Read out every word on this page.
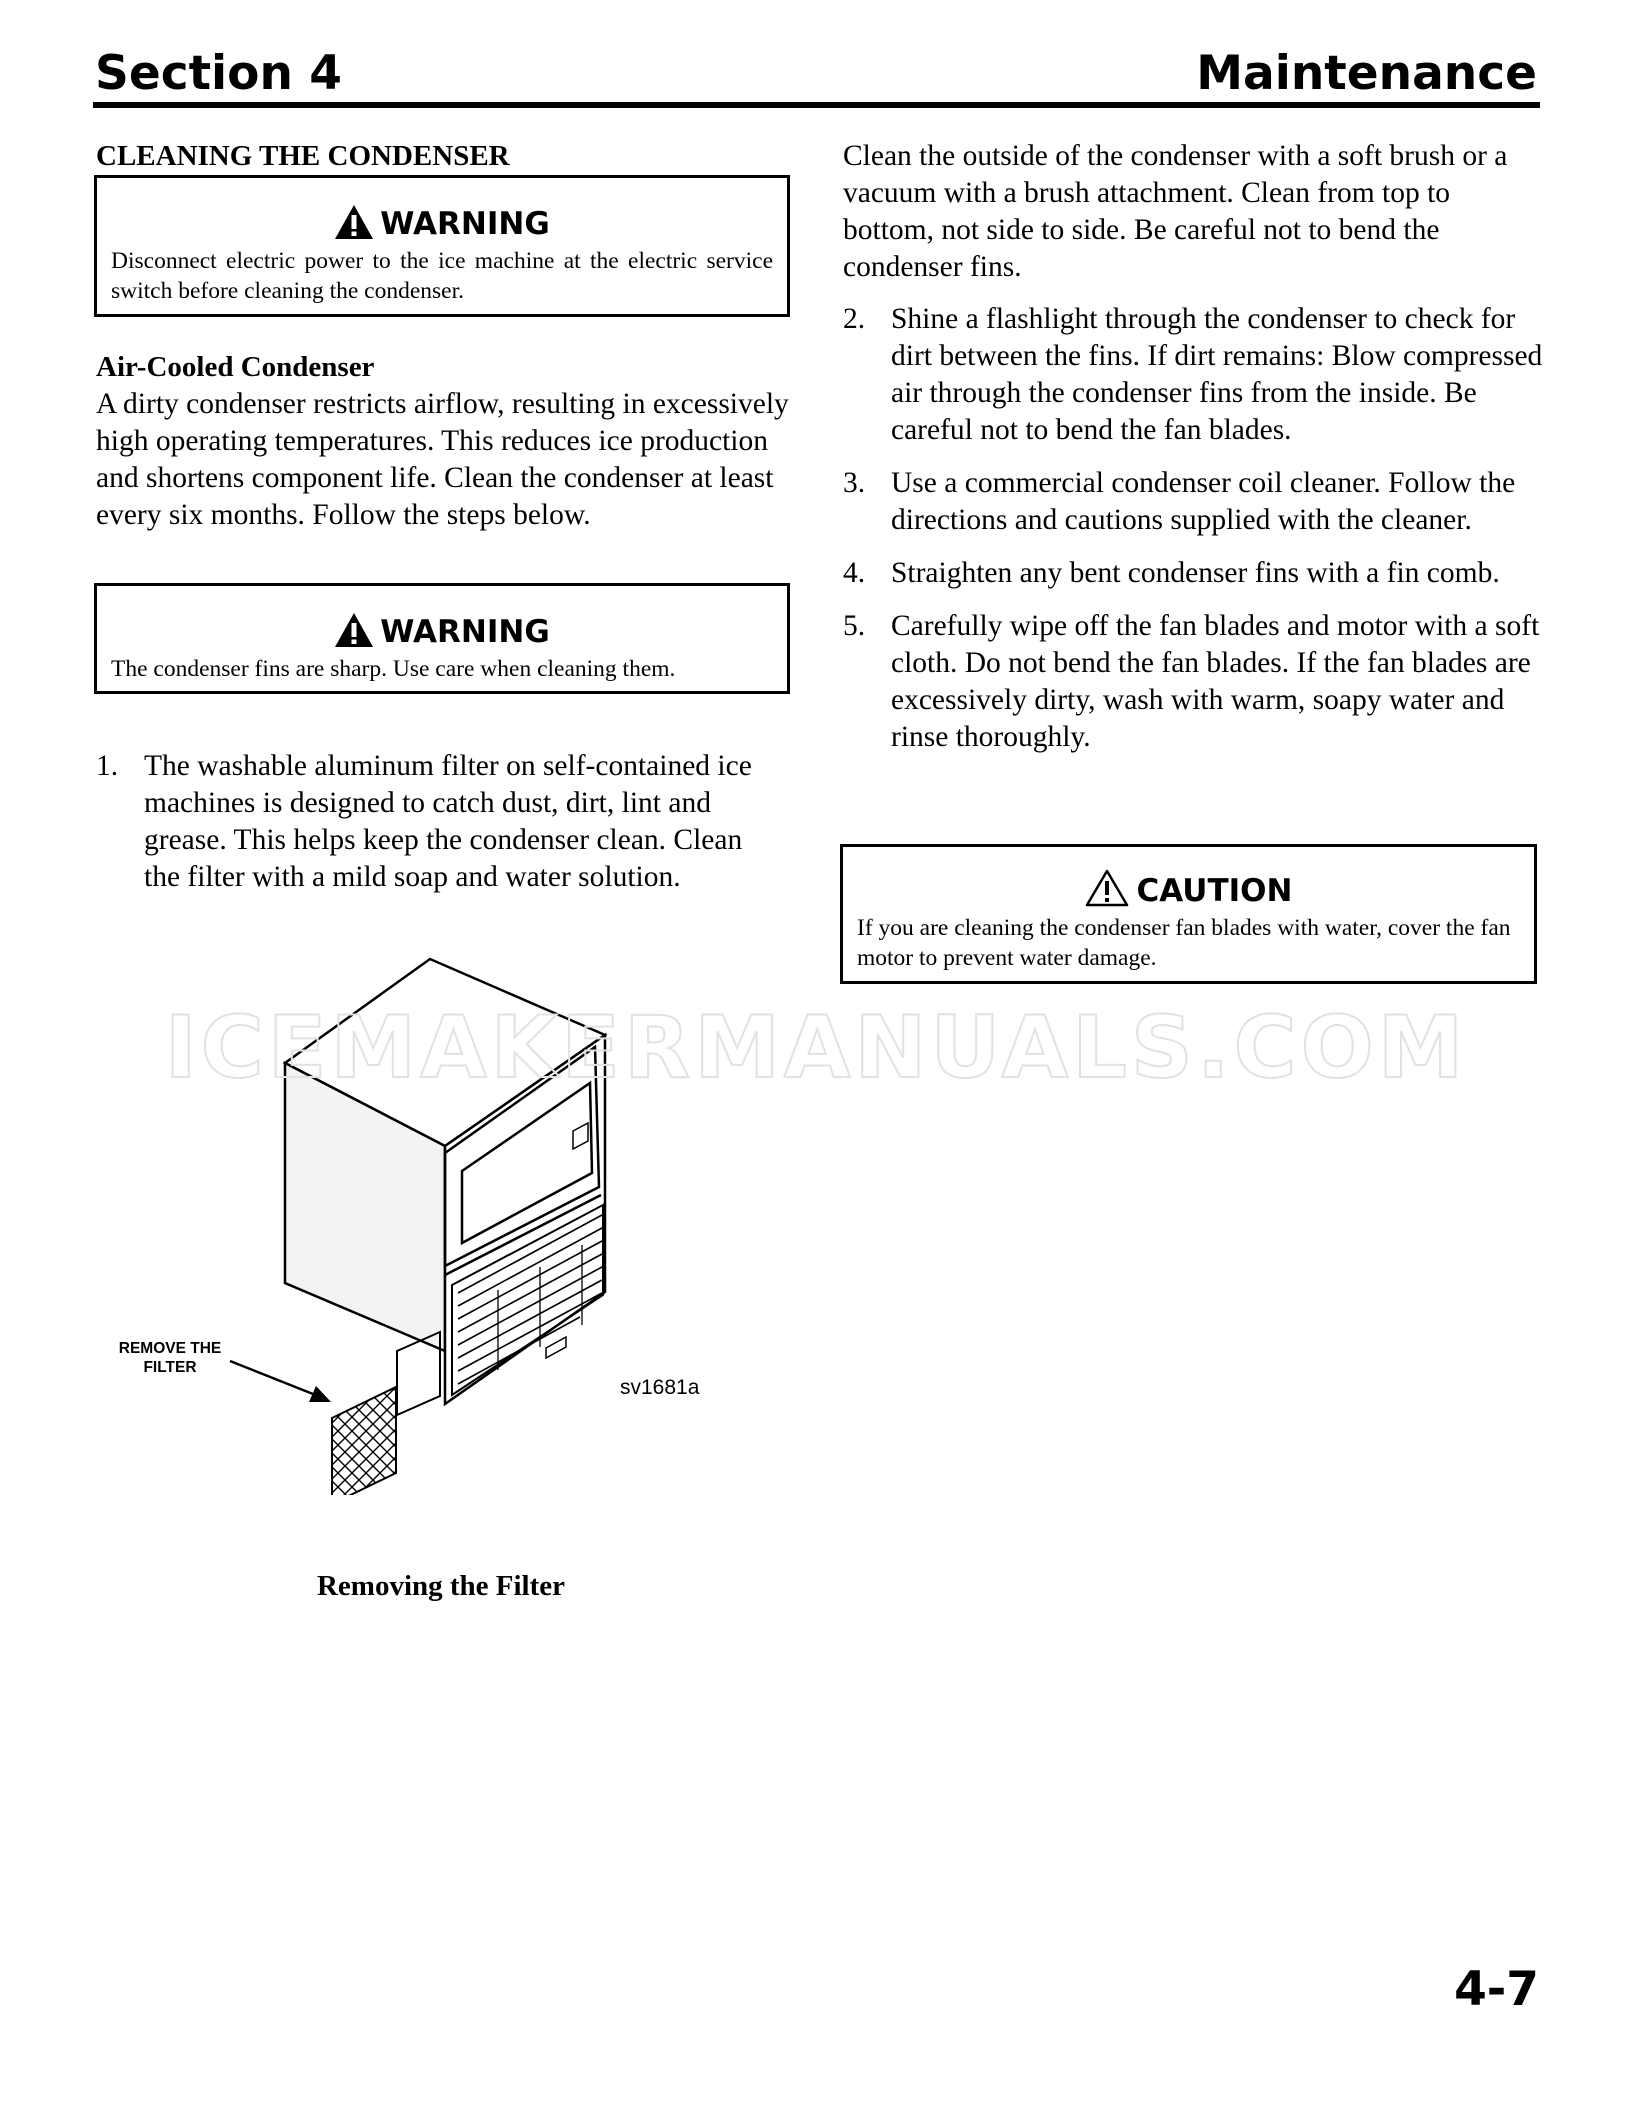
Section 4	Maintenance
CLEANING THE CONDENSER
WARNING
Disconnect electric power to the ice machine at the electric service switch before cleaning the condenser.
Air-Cooled Condenser
A dirty condenser restricts airflow, resulting in excessively high operating temperatures. This reduces ice production and shortens component life. Clean the condenser at least every six months. Follow the steps below.
WARNING
The condenser fins are sharp. Use care when cleaning them.
1. The washable aluminum filter on self-contained ice machines is designed to catch dust, dirt, lint and grease. This helps keep the condenser clean. Clean the filter with a mild soap and water solution.
REMOVE THE
FILTER
sv1681a
Removing the Filter
Clean the outside of the condenser with a soft brush or a vacuum with a brush attachment. Clean from top to bottom, not side to side. Be careful not to bend the condenser fins.
2. Shine a flashlight through the condenser to check for dirt between the fins. If dirt remains: Blow compressed air through the condenser fins from the inside. Be careful not to bend the fan blades.
3. Use a commercial condenser coil cleaner. Follow the directions and cautions supplied with the cleaner.
4. Straighten any bent condenser fins with a fin comb.
5. Carefully wipe off the fan blades and motor with a soft cloth. Do not bend the fan blades. If the fan blades are excessively dirty, wash with warm, soapy water and rinse thoroughly.
CAUTION
If you are cleaning the condenser fan blades with water, cover the fan motor to prevent water damage.
ICEMAKERMANUALS.COM
4-7
